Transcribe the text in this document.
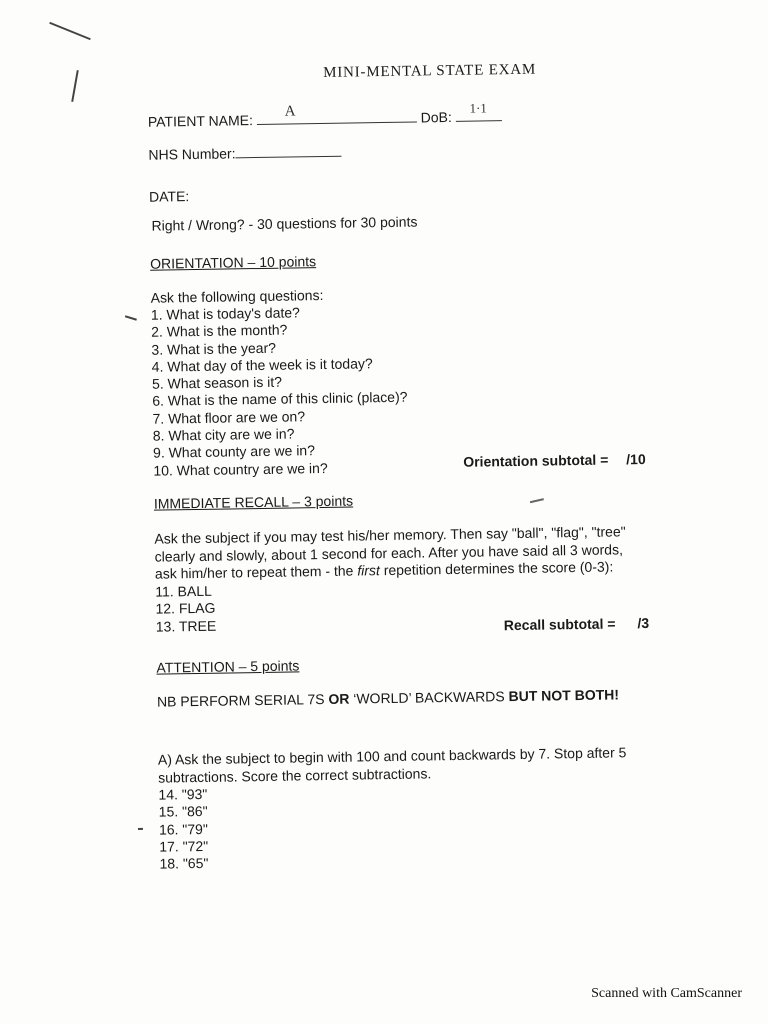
MINI-MENTAL STATE EXAM
PATIENT NAME:
A	DoB:
1·1
NHS Number:
DATE:
Right / Wrong? - 30 questions for 30 points
ORIENTATION – 10 points
Ask the following questions:
1. What is today's date?
2. What is the month?
3. What is the year?
4. What day of the week is it today?
5. What season is it?
6. What is the name of this clinic (place)?
7. What floor are we on?
8. What city are we in?
9. What county are we in?
10. What country are we in?	Orientation subtotal = /10
IMMEDIATE RECALL – 3 points
Ask the subject if you may test his/her memory. Then say "ball", "flag", "tree"
clearly and slowly, about 1 second for each. After you have said all 3 words,
ask him/her to repeat them - the first repetition determines the score (0-3):
11. BALL
12. FLAG
13. TREE	Recall subtotal = /3
ATTENTION – 5 points
NB PERFORM SERIAL 7S OR ‘WORLD’ BACKWARDS BUT NOT BOTH!
A) Ask the subject to begin with 100 and count backwards by 7. Stop after 5
subtractions. Score the correct subtractions.
14. "93"
15. "86"
16. "79"
17. "72"
18. "65"
Scanned with CamScanner
